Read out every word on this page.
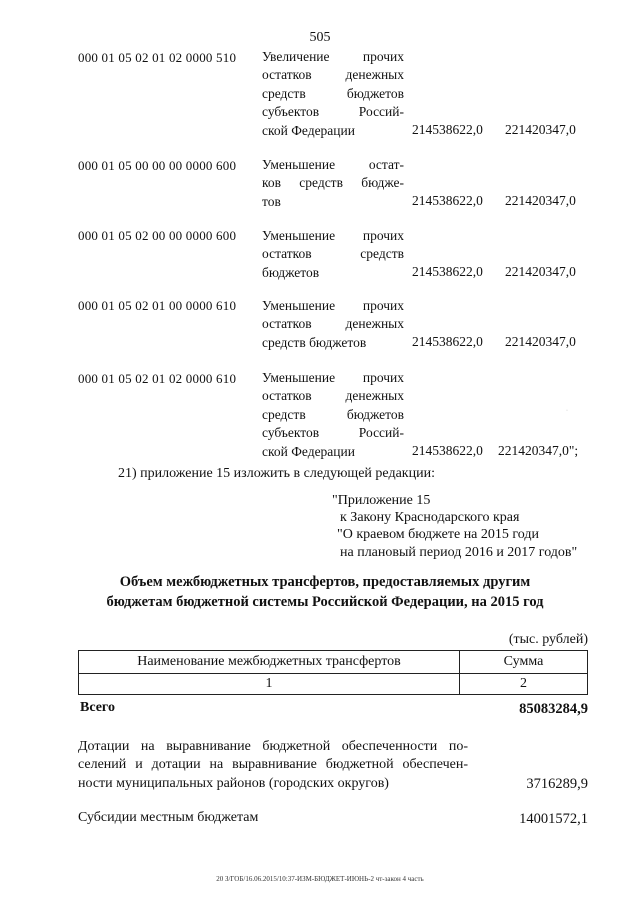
505
000 01 05 02 01 02 0000 510 Увеличение прочих
остатков денежных
средств бюджетов
субъектов Россий-
ской Федерации	214538622,0 221420347,0
000 01 05 00 00 00 0000 600 Уменьшение остат-
ков средств бюдже-
тов	214538622,0 221420347,0
000 01 05 02 00 00 0000 600 Уменьшение прочих
остатков средств
бюджетов	214538622,0 221420347,0
000 01 05 02 01 00 0000 610 Уменьшение прочих
остатков денежных
средств бюджетов	214538622,0 221420347,0
000 01 05 02 01 02 0000 610 Уменьшение прочих
остатков денежных
средств бюджетов
субъектов Россий-
ской Федерации	214538622,0 221420347,0";
·
21) приложение 15 изложить в следующей редакции:
"Приложение 15
к Закону Краснодарского края
"О краевом бюджете на 2015 годи
на плановый период 2016 и 2017 годов"
Объем межбюджетных трансфертов, предоставляемых другим
бюджетам бюджетной системы Российской Федерации, на 2015 год
(тыс. рублей)
Наименование межбюджетных трансфертов	Сумма
1	2
Всего	85083284,9
Дотации на выравнивание бюджетной обеспеченности по-
селений и дотации на выравнивание бюджетной обеспечен-
ности муниципальных районов (городских округов)	3716289,9
Субсидии местным бюджетам	14001572,1
20 З/ГОБ/16.06.2015/10:37-ИЗМ-БЮДЖЕТ-ИЮНЬ-2 чт-закон 4 часть
